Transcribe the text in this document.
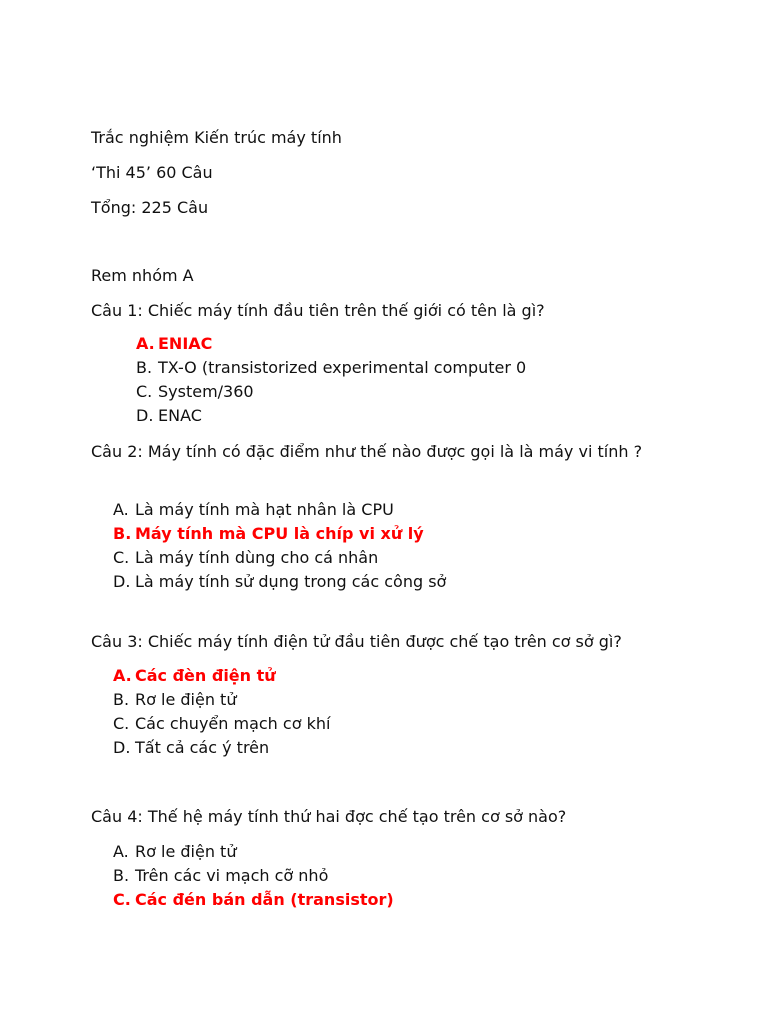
Trắc nghiệm Kiến trúc máy tính

‘Thi 45’ 60 Câu

Tổng: 225 Câu

Rem nhóm A

Câu 1: Chiếc máy tính đầu tiên trên thế giới có tên là gì?

A. ENIAC
B. TX-O (transistorized experimental computer 0
C. System/360
D. ENAC

Câu 2: Máy tính có đặc điểm như thế nào được gọi là là máy vi tính ?

A. Là máy tính mà hạt nhân là CPU
B. Máy tính mà CPU là chíp vi xử lý
C. Là máy tính dùng cho cá nhân
D. Là máy tính sử dụng trong các công sở

Câu 3: Chiếc máy tính điện tử đầu tiên được chế tạo trên cơ sở gì?

A. Các đèn điện tử
B. Rơ le điện tử
C. Các chuyển mạch cơ khí
D. Tất cả các ý trên

Câu 4: Thế hệ máy tính thứ hai đợc chế tạo trên cơ sở nào?

A. Rơ le điện tử
B. Trên các vi mạch cỡ nhỏ
C. Các đén bán dẫn (transistor)
